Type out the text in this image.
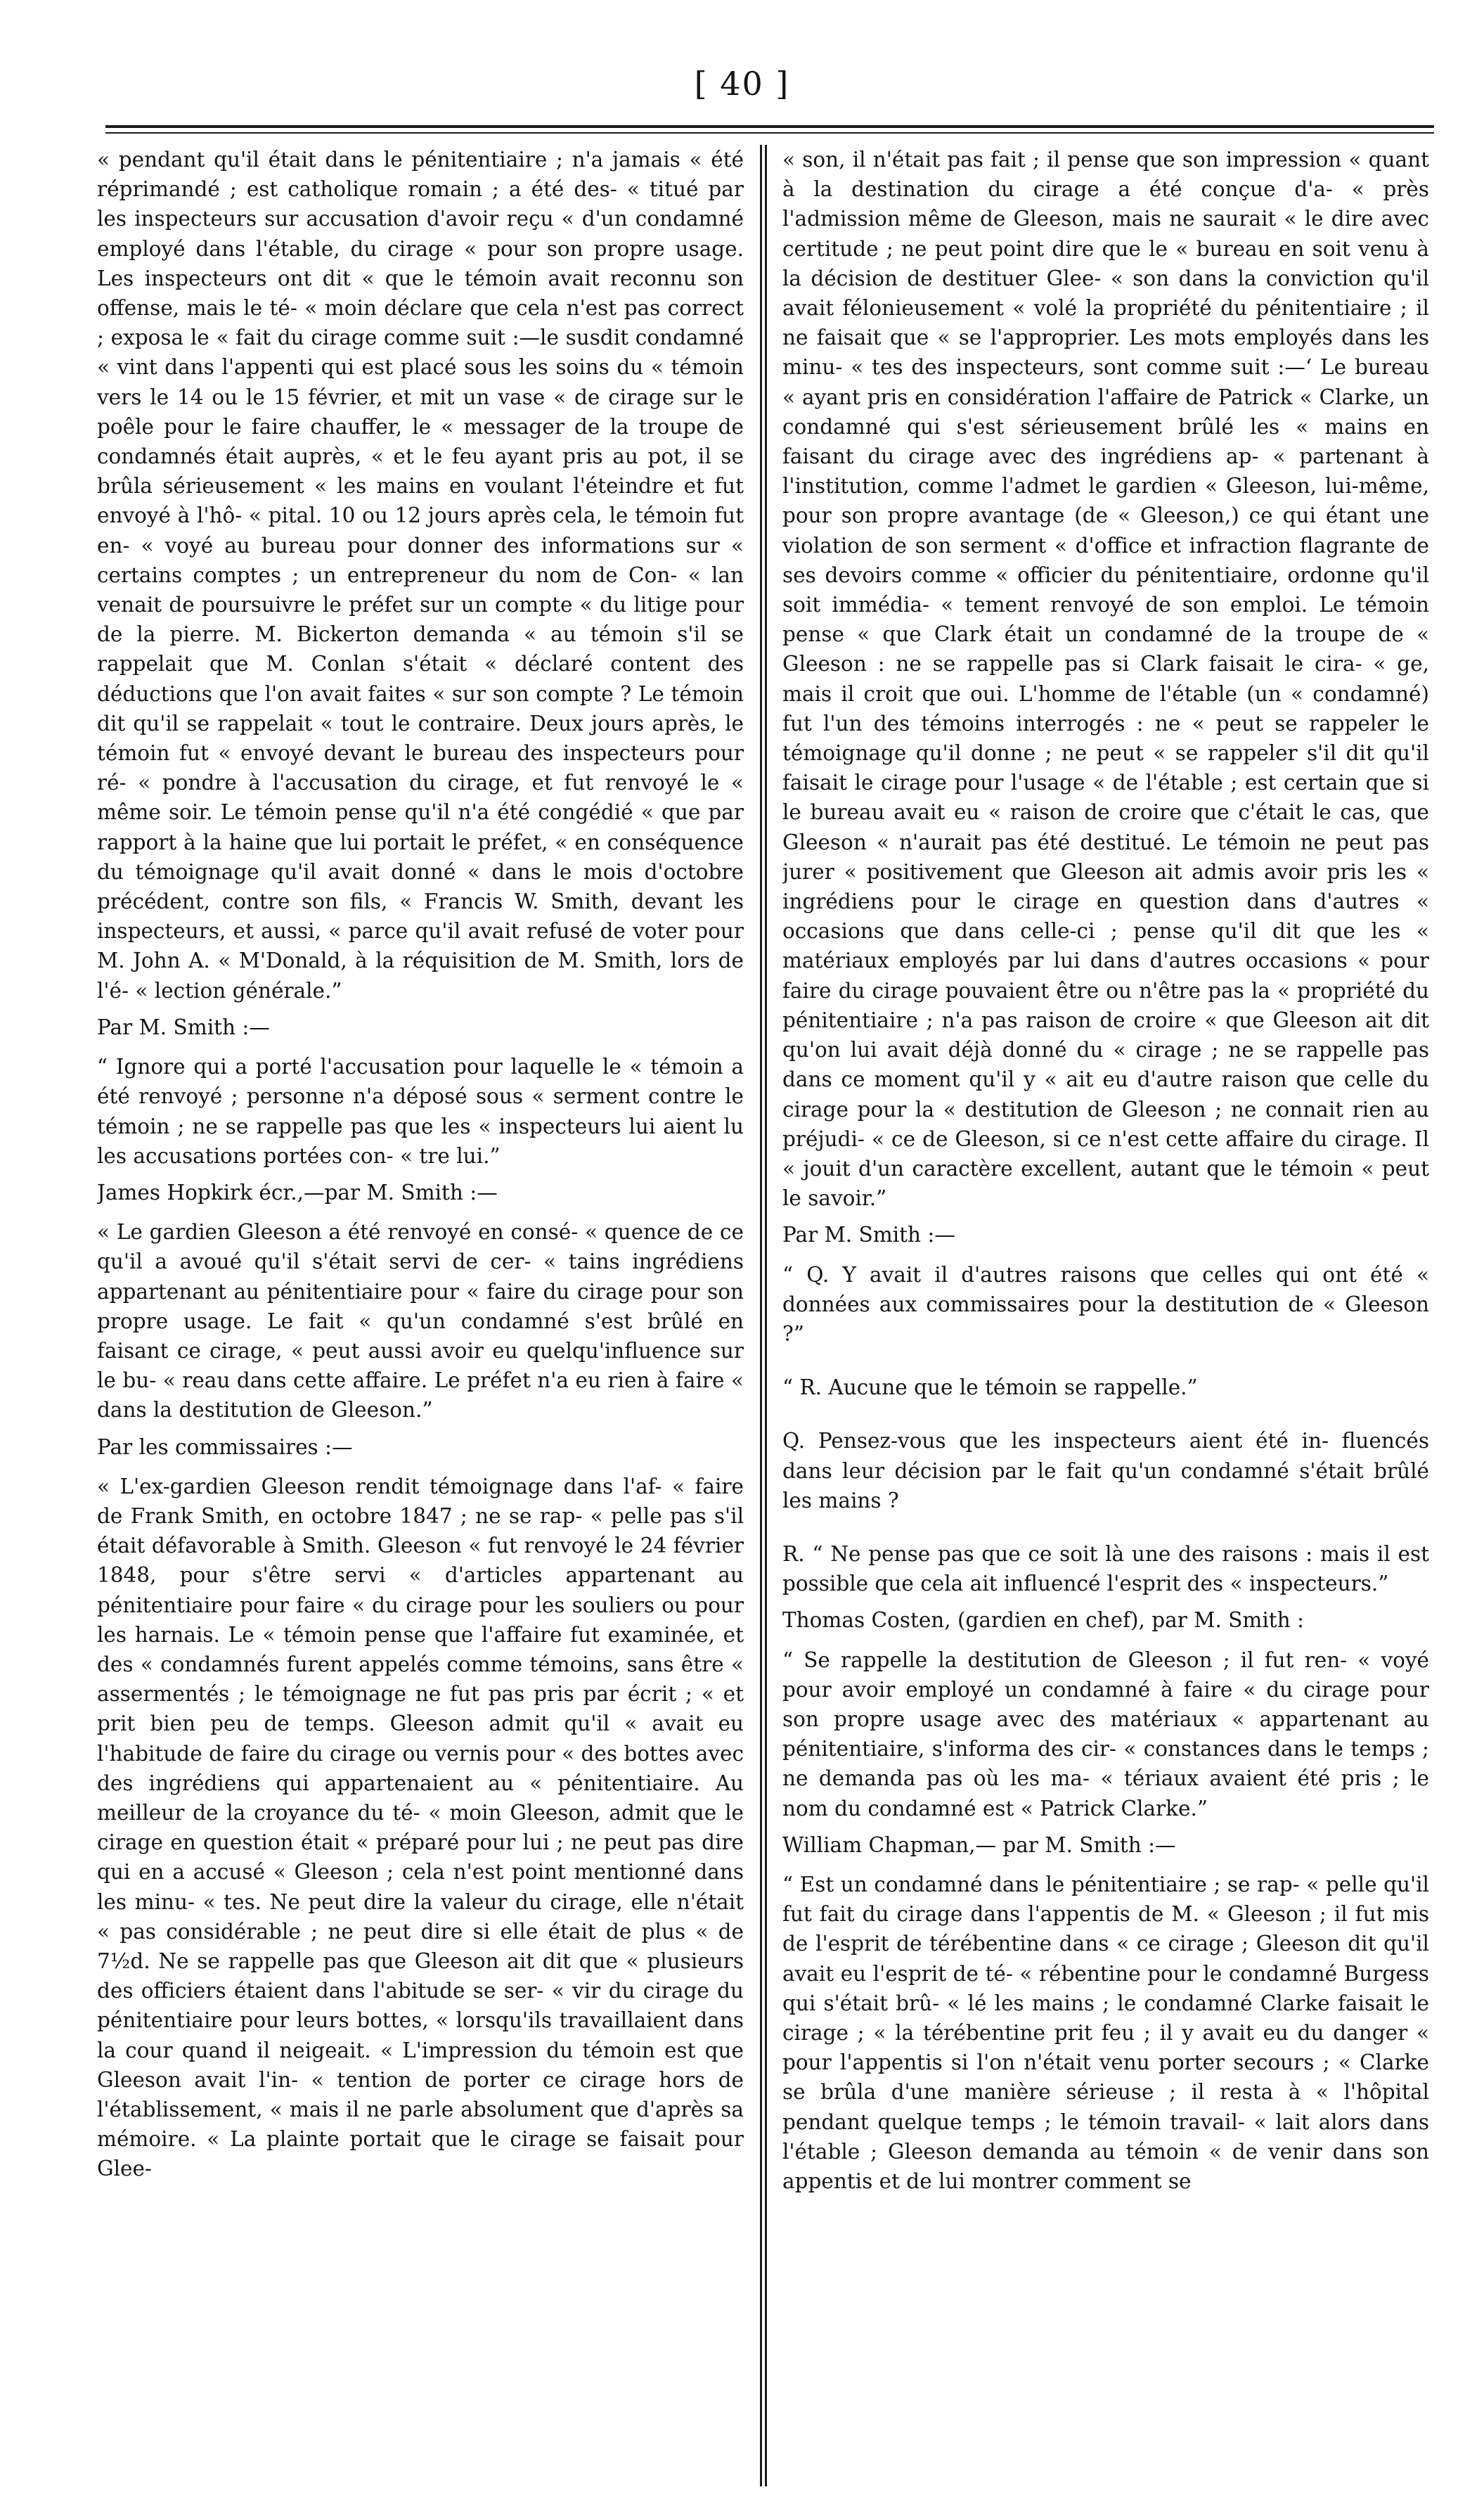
[ 40 ]

« pendant qu'il était dans le pénitentiaire ; n'a jamais « été réprimandé ; est catholique romain ; a été des- « titué par les inspecteurs sur accusation d'avoir reçu « d'un condamné employé dans l'étable, du cirage « pour son propre usage. Les inspecteurs ont dit « que le témoin avait reconnu son offense, mais le té- « moin déclare que cela n'est pas correct ; exposa le « fait du cirage comme suit :—le susdit condamné « vint dans l'appenti qui est placé sous les soins du « témoin vers le 14 ou le 15 février, et mit un vase « de cirage sur le poêle pour le faire chauffer, le « messager de la troupe de condamnés était auprès, « et le feu ayant pris au pot, il se brûla sérieusement « les mains en voulant l'éteindre et fut envoyé à l'hô- « pital. 10 ou 12 jours après cela, le témoin fut en- « voyé au bureau pour donner des informations sur « certains comptes ; un entrepreneur du nom de Con- « lan venait de poursuivre le préfet sur un compte « du litige pour de la pierre. M. Bickerton demanda « au témoin s'il se rappelait que M. Conlan s'était « déclaré content des déductions que l'on avait faites « sur son compte ? Le témoin dit qu'il se rappelait « tout le contraire. Deux jours après, le témoin fut « envoyé devant le bureau des inspecteurs pour ré- « pondre à l'accusation du cirage, et fut renvoyé le « même soir. Le témoin pense qu'il n'a été congédié « que par rapport à la haine que lui portait le préfet, « en conséquence du témoignage qu'il avait donné « dans le mois d'octobre précédent, contre son fils, « Francis W. Smith, devant les inspecteurs, et aussi, « parce qu'il avait refusé de voter pour M. John A. « M'Donald, à la réquisition de M. Smith, lors de l'é- « lection générale.”

Par M. Smith :—

“ Ignore qui a porté l'accusation pour laquelle le « témoin a été renvoyé ; personne n'a déposé sous « serment contre le témoin ; ne se rappelle pas que les « inspecteurs lui aient lu les accusations portées con- « tre lui.”

James Hopkirk écr.,—par M. Smith :—

« Le gardien Gleeson a été renvoyé en consé- « quence de ce qu'il a avoué qu'il s'était servi de cer- « tains ingrédiens appartenant au pénitentiaire pour « faire du cirage pour son propre usage. Le fait « qu'un condamné s'est brûlé en faisant ce cirage, « peut aussi avoir eu quelqu'influence sur le bu- « reau dans cette affaire. Le préfet n'a eu rien à faire « dans la destitution de Gleeson.”

Par les commissaires :—

« L'ex-gardien Gleeson rendit témoignage dans l'af- « faire de Frank Smith, en octobre 1847 ; ne se rap- « pelle pas s'il était défavorable à Smith. Gleeson « fut renvoyé le 24 février 1848, pour s'être servi « d'articles appartenant au pénitentiaire pour faire « du cirage pour les souliers ou pour les harnais. Le « témoin pense que l'affaire fut examinée, et des « condamnés furent appelés comme témoins, sans être « assermentés ; le témoignage ne fut pas pris par écrit ; « et prit bien peu de temps. Gleeson admit qu'il « avait eu l'habitude de faire du cirage ou vernis pour « des bottes avec des ingrédiens qui appartenaient au « pénitentiaire. Au meilleur de la croyance du té- « moin Gleeson, admit que le cirage en question était « préparé pour lui ; ne peut pas dire qui en a accusé « Gleeson ; cela n'est point mentionné dans les minu- « tes. Ne peut dire la valeur du cirage, elle n'était « pas considérable ; ne peut dire si elle était de plus « de 7½d. Ne se rappelle pas que Gleeson ait dit que « plusieurs des officiers étaient dans l'abitude se ser- « vir du cirage du pénitentiaire pour leurs bottes, « lorsqu'ils travaillaient dans la cour quand il neigeait. « L'impression du témoin est que Gleeson avait l'in- « tention de porter ce cirage hors de l'établissement, « mais il ne parle absolument que d'après sa mémoire. « La plainte portait que le cirage se faisait pour Glee-

« son, il n'était pas fait ; il pense que son impression « quant à la destination du cirage a été conçue d'a- « près l'admission même de Gleeson, mais ne saurait « le dire avec certitude ; ne peut point dire que le « bureau en soit venu à la décision de destituer Glee- « son dans la conviction qu'il avait félonieusement « volé la propriété du pénitentiaire ; il ne faisait que « se l'approprier. Les mots employés dans les minu- « tes des inspecteurs, sont comme suit :—‘ Le bureau « ayant pris en considération l'affaire de Patrick « Clarke, un condamné qui s'est sérieusement brûlé les « mains en faisant du cirage avec des ingrédiens ap- « partenant à l'institution, comme l'admet le gardien « Gleeson, lui-même, pour son propre avantage (de « Gleeson,) ce qui étant une violation de son serment « d'office et infraction flagrante de ses devoirs comme « officier du pénitentiaire, ordonne qu'il soit immédia- « tement renvoyé de son emploi. Le témoin pense « que Clark était un condamné de la troupe de « Gleeson : ne se rappelle pas si Clark faisait le cira- « ge, mais il croit que oui. L'homme de l'étable (un « condamné) fut l'un des témoins interrogés : ne « peut se rappeler le témoignage qu'il donne ; ne peut « se rappeler s'il dit qu'il faisait le cirage pour l'usage « de l'étable ; est certain que si le bureau avait eu « raison de croire que c'était le cas, que Gleeson « n'aurait pas été destitué. Le témoin ne peut pas jurer « positivement que Gleeson ait admis avoir pris les « ingrédiens pour le cirage en question dans d'autres « occasions que dans celle-ci ; pense qu'il dit que les « matériaux employés par lui dans d'autres occasions « pour faire du cirage pouvaient être ou n'être pas la « propriété du pénitentiaire ; n'a pas raison de croire « que Gleeson ait dit qu'on lui avait déjà donné du « cirage ; ne se rappelle pas dans ce moment qu'il y « ait eu d'autre raison que celle du cirage pour la « destitution de Gleeson ; ne connait rien au préjudi- « ce de Gleeson, si ce n'est cette affaire du cirage. Il « jouit d'un caractère excellent, autant que le témoin « peut le savoir.”

Par M. Smith :—

“ Q. Y avait il d'autres raisons que celles qui ont été « données aux commissaires pour la destitution de « Gleeson ?”

“ R. Aucune que le témoin se rappelle.”

Q. Pensez-vous que les inspecteurs aient été in- fluencés dans leur décision par le fait qu'un condamné s'était brûlé les mains ?

R. “ Ne pense pas que ce soit là une des raisons : mais il est possible que cela ait influencé l'esprit des « inspecteurs.”

Thomas Costen, (gardien en chef), par M. Smith :

“ Se rappelle la destitution de Gleeson ; il fut ren- « voyé pour avoir employé un condamné à faire « du cirage pour son propre usage avec des matériaux « appartenant au pénitentiaire, s'informa des cir- « constances dans le temps ; ne demanda pas où les ma- « tériaux avaient été pris ; le nom du condamné est « Patrick Clarke.”

William Chapman,— par M. Smith :—

“ Est un condamné dans le pénitentiaire ; se rap- « pelle qu'il fut fait du cirage dans l'appentis de M. « Gleeson ; il fut mis de l'esprit de térébentine dans « ce cirage ; Gleeson dit qu'il avait eu l'esprit de té- « rébentine pour le condamné Burgess qui s'était brû- « lé les mains ; le condamné Clarke faisait le cirage ; « la térébentine prit feu ; il y avait eu du danger « pour l'appentis si l'on n'était venu porter secours ; « Clarke se brûla d'une manière sérieuse ; il resta à « l'hôpital pendant quelque temps ; le témoin travail- « lait alors dans l'étable ; Gleeson demanda au témoin « de venir dans son appentis et de lui montrer comment se
